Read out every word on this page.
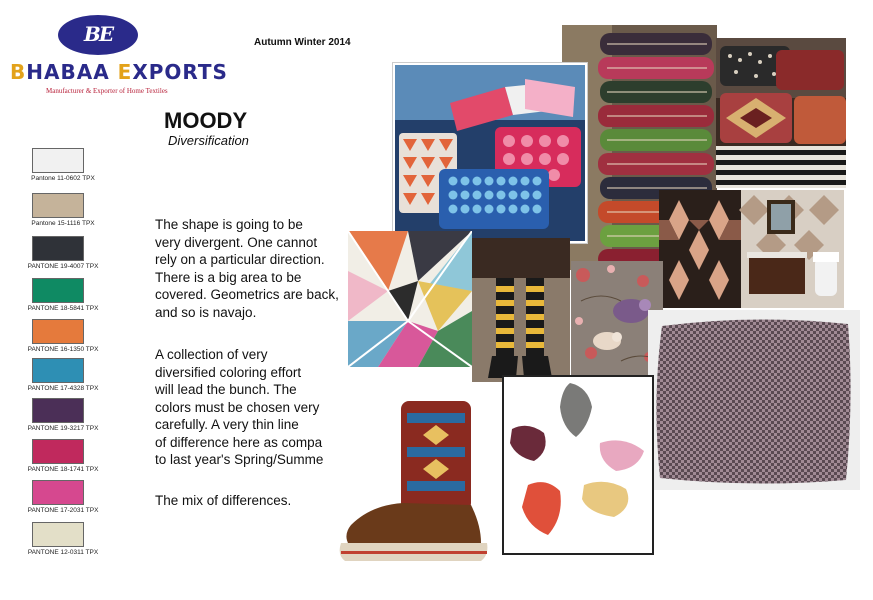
BE
BHABAA EXPORTS
Manufacturer & Exporter of Home Textiles
Autumn Winter 2014
MOODY
Diversification
Pantone 11-0602 TPX
Pantone 15-1116 TPX
PANTONE 19-4007 TPX
PANTONE 18-5841 TPX
PANTONE 16-1350 TPX
PANTONE 17-4328 TPX
PANTONE 19-3217 TPX
PANTONE 18-1741 TPX
PANTONE 17-2031 TPX
PANTONE 12-0311 TPX
The shape is going to be
very divergent. One cannot
rely on a particular direction.
There is a big area to be
covered. Geometrics are back,
and so is navajo.
A collection of very
diversified coloring effort
will lead the bunch. The
colors must be chosen very
carefully. A very thin line
of difference here as compa
to last year's Spring/Summe
The mix of differences.
